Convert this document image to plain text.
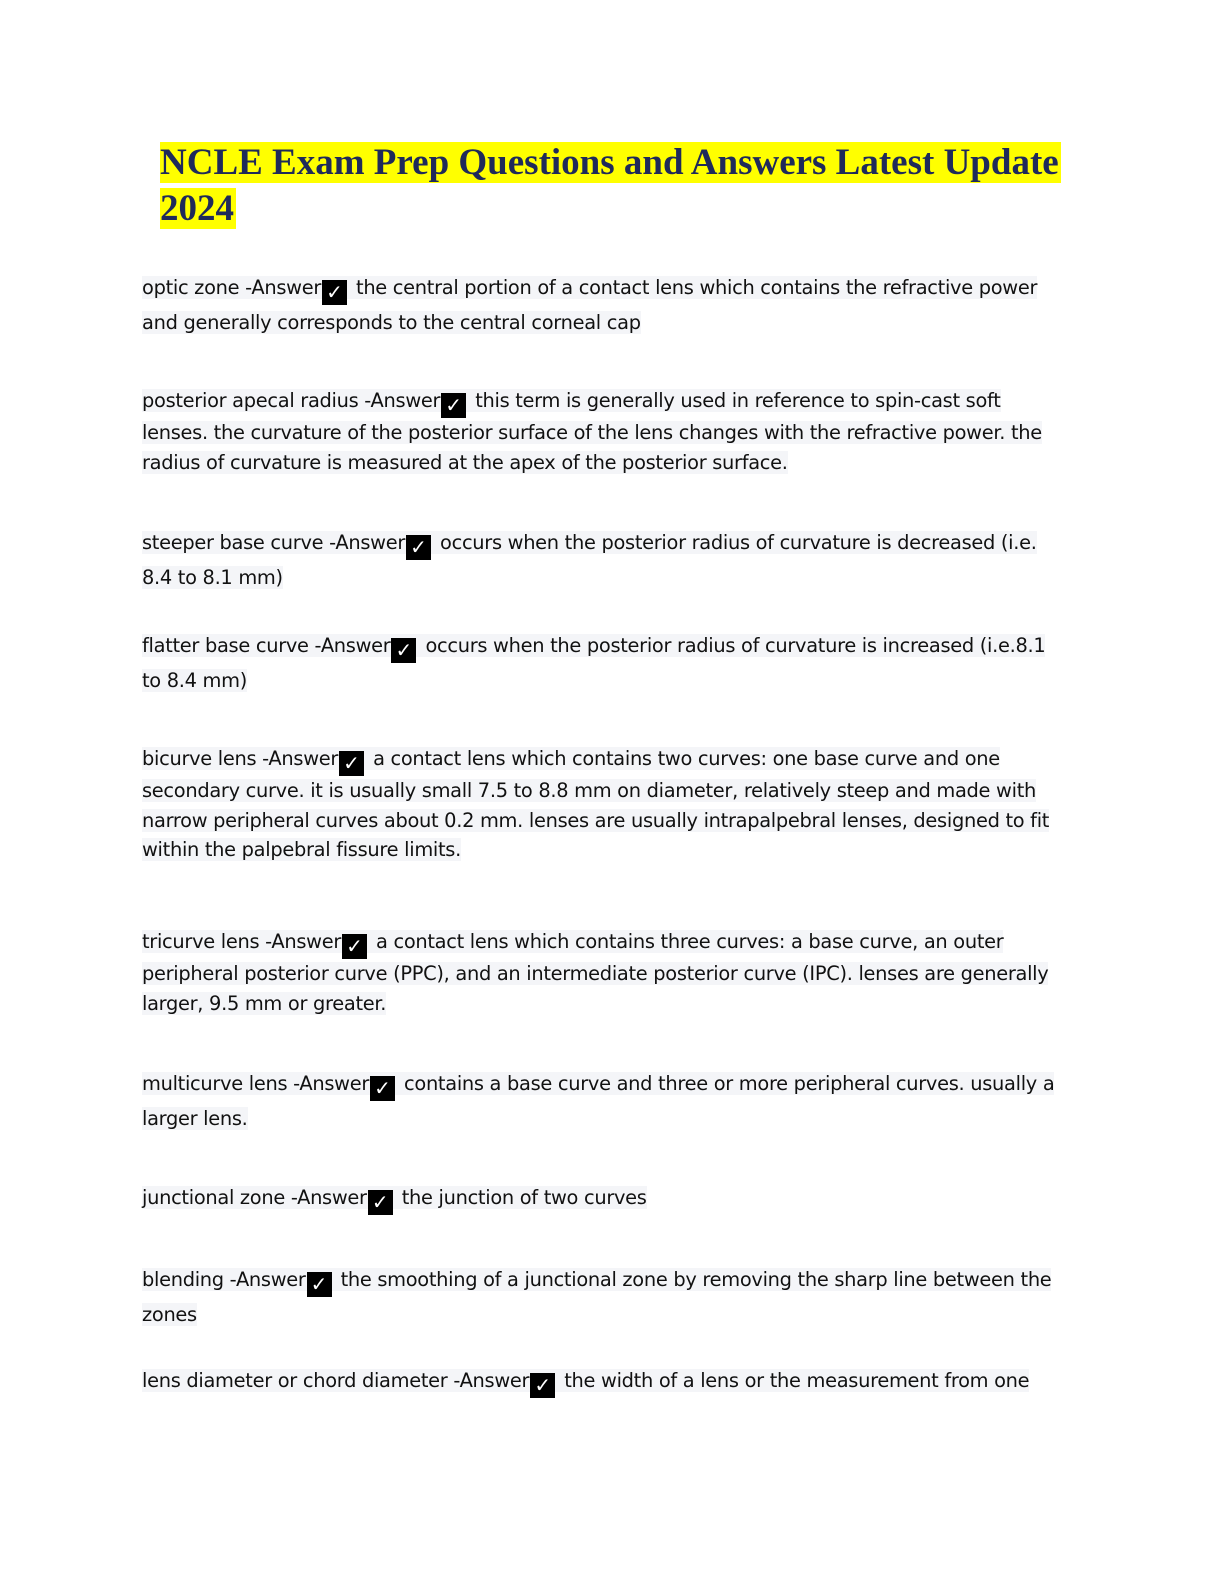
NCLE Exam Prep Questions and Answers Latest Update 2024

optic zone -Answer ✓ the central portion of a contact lens which contains the refractive power and generally corresponds to the central corneal cap

posterior apecal radius -Answer ✓ this term is generally used in reference to spin-cast soft lenses. the curvature of the posterior surface of the lens changes with the refractive power. the radius of curvature is measured at the apex of the posterior surface.

steeper base curve -Answer ✓ occurs when the posterior radius of curvature is decreased (i.e. 8.4 to 8.1 mm)

flatter base curve -Answer ✓ occurs when the posterior radius of curvature is increased (i.e.8.1 to 8.4 mm)

bicurve lens -Answer ✓ a contact lens which contains two curves: one base curve and one secondary curve. it is usually small 7.5 to 8.8 mm on diameter, relatively steep and made with narrow peripheral curves about 0.2 mm. lenses are usually intrapalpebral lenses, designed to fit within the palpebral fissure limits.

tricurve lens -Answer ✓ a contact lens which contains three curves: a base curve, an outer peripheral posterior curve (PPC), and an intermediate posterior curve (IPC). lenses are generally larger, 9.5 mm or greater.

multicurve lens -Answer ✓ contains a base curve and three or more peripheral curves. usually a larger lens.

junctional zone -Answer ✓ the junction of two curves

blending -Answer ✓ the smoothing of a junctional zone by removing the sharp line between the zones

lens diameter or chord diameter -Answer ✓ the width of a lens or the measurement from one
